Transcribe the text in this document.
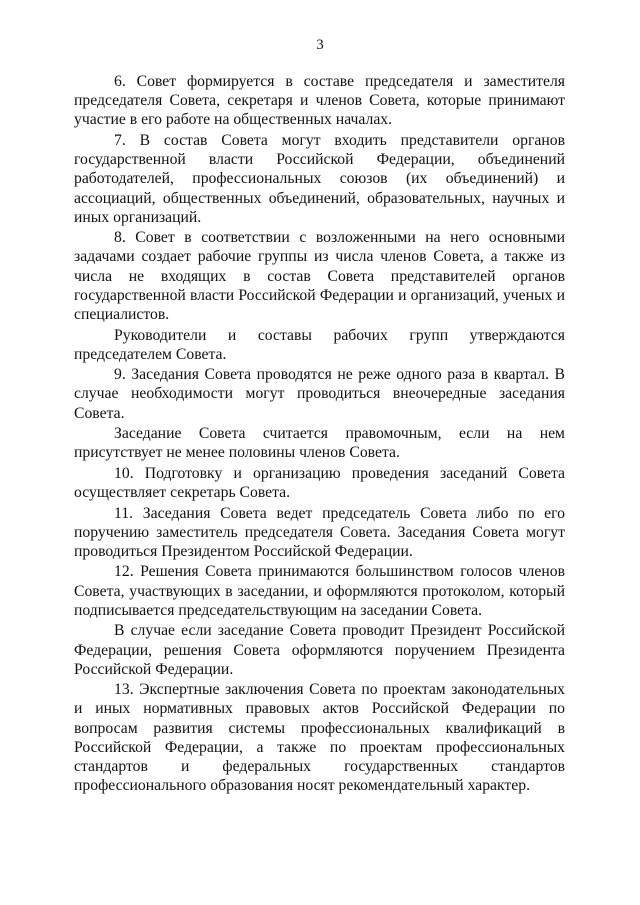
3

6. Совет формируется в составе председателя и заместителя председателя Совета, секретаря и членов Совета, которые принимают участие в его работе на общественных началах.

7. В состав Совета могут входить представители органов государственной власти Российской Федерации, объединений работодателей, профессиональных союзов (их объединений) и ассоциаций, общественных объединений, образовательных, научных и иных организаций.

8. Совет в соответствии с возложенными на него основными задачами создает рабочие группы из числа членов Совета, а также из числа не входящих в состав Совета представителей органов государственной власти Российской Федерации и организаций, ученых и специалистов.

Руководители и составы рабочих групп утверждаются председателем Совета.

9. Заседания Совета проводятся не реже одного раза в квартал. В случае необходимости могут проводиться внеочередные заседания Совета.

Заседание Совета считается правомочным, если на нем присутствует не менее половины членов Совета.

10. Подготовку и организацию проведения заседаний Совета осуществляет секретарь Совета.

11. Заседания Совета ведет председатель Совета либо по его поручению заместитель председателя Совета. Заседания Совета могут проводиться Президентом Российской Федерации.

12. Решения Совета принимаются большинством голосов членов Совета, участвующих в заседании, и оформляются протоколом, который подписывается председательствующим на заседании Совета.

В случае если заседание Совета проводит Президент Российской Федерации, решения Совета оформляются поручением Президента Российской Федерации.

13. Экспертные заключения Совета по проектам законодательных и иных нормативных правовых актов Российской Федерации по вопросам развития системы профессиональных квалификаций в Российской Федерации, а также по проектам профессиональных стандартов и федеральных государственных стандартов профессионального образования носят рекомендательный характер.
